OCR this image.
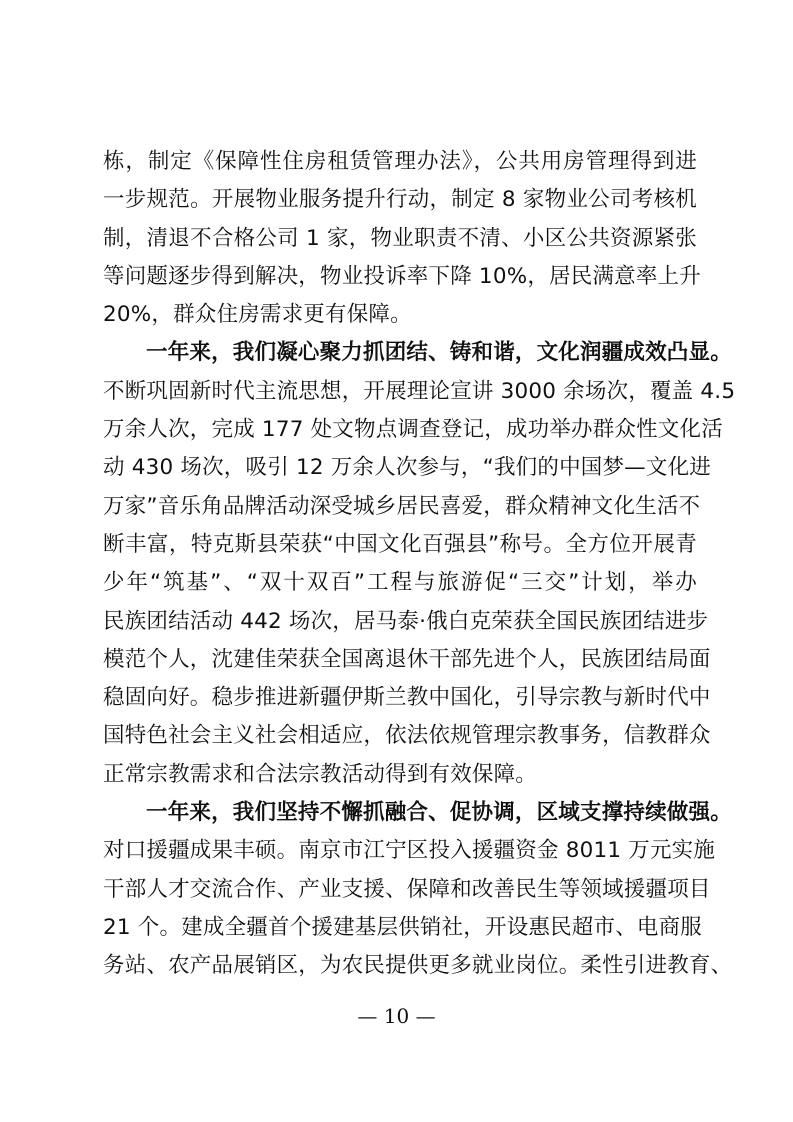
栋，制定《保障性住房租赁管理办法》，公共用房管理得到进
一步规范。开展物业服务提升行动，制定 8 家物业公司考核机
制，清退不合格公司 1 家，物业职责不清、小区公共资源紧张
等问题逐步得到解决，物业投诉率下降 10%，居民满意率上升
20%，群众住房需求更有保障。
一年来，我们凝心聚力抓团结、铸和谐，文化润疆成效凸显。
不断巩固新时代主流思想，开展理论宣讲 3000 余场次，覆盖 4.5
万余人次，完成 177 处文物点调查登记，成功举办群众性文化活
动 430 场次，吸引 12 万余人次参与，“我们的中国梦—文化进
万家”音乐角品牌活动深受城乡居民喜爱，群众精神文化生活不
断丰富，特克斯县荣获“中国文化百强县”称号。全方位开展青
少年“筑基”、“双十双百”工程与旅游促“三交”计划，举办
民族团结活动 442 场次，居马泰·俄白克荣获全国民族团结进步
模范个人，沈建佳荣获全国离退休干部先进个人，民族团结局面
稳固向好。稳步推进新疆伊斯兰教中国化，引导宗教与新时代中
国特色社会主义社会相适应，依法依规管理宗教事务，信教群众
正常宗教需求和合法宗教活动得到有效保障。
一年来，我们坚持不懈抓融合、促协调，区域支撑持续做强。
对口援疆成果丰硕。南京市江宁区投入援疆资金 8011 万元实施
干部人才交流合作、产业支援、保障和改善民生等领域援疆项目
21 个。建成全疆首个援建基层供销社，开设惠民超市、电商服
务站、农产品展销区，为农民提供更多就业岗位。柔性引进教育、
— 10 —
